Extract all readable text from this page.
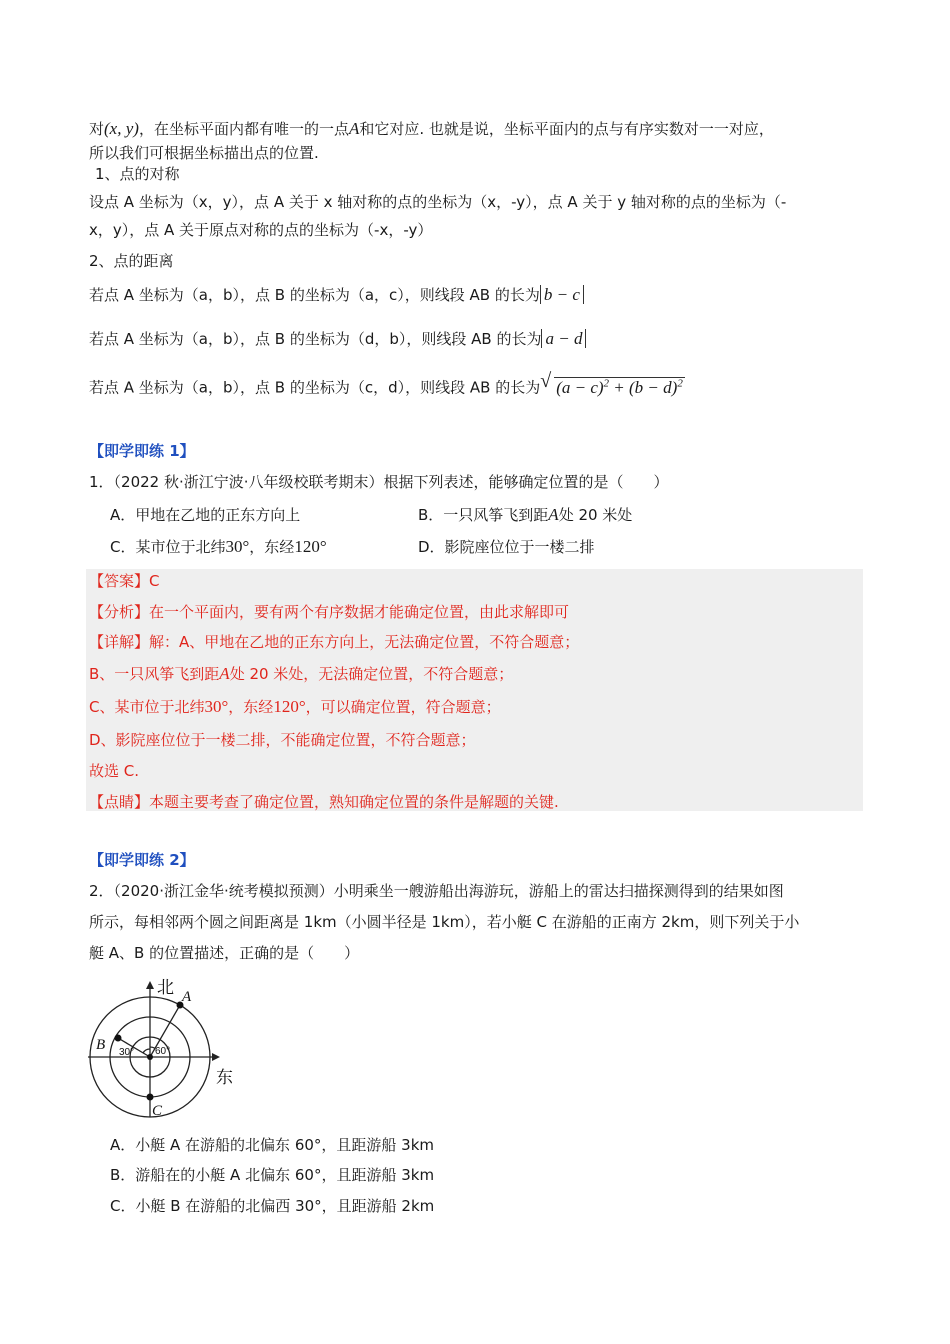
对(x, y)，在坐标平面内都有唯一的一点A和它对应. 也就是说，坐标平面内的点与有序实数对一一对应，
所以我们可根据坐标描出点的位置.
1、点的对称
设点 A 坐标为（x，y），点 A 关于 x 轴对称的点的坐标为（x，-y），点 A 关于 y 轴对称的点的坐标为（-
x，y），点 A 关于原点对称的点的坐标为（-x，-y）
2、点的距离
若点 A 坐标为（a，b），点 B 的坐标为（a，c），则线段 AB 的长为 b − c
若点 A 坐标为（a，b），点 B 的坐标为（d，b），则线段 AB 的长为 a − d
若点 A 坐标为（a，b），点 B 的坐标为（c，d），则线段 AB 的长为 √ $(a - c)^2 + (b - d)^2$
【即学即练 1】
1．（2022 秋·浙江宁波·八年级校联考期末）根据下列表述，能够确定位置的是（　　）
A．甲地在乙地的正东方向上	B．一只风筝飞到距A处 20 米处
C．某市位于北纬30°，东经120°	D．影院座位位于一楼二排
【答案】C
【分析】在一个平面内，要有两个有序数据才能确定位置，由此求解即可
【详解】解：A、甲地在乙地的正东方向上，无法确定位置，不符合题意；
B、一只风筝飞到距A处 20 米处，无法确定位置，不符合题意；
C、某市位于北纬30°，东经120°，可以确定位置，符合题意；
D、影院座位位于一楼二排，不能确定位置，不符合题意；
故选 C.
【点睛】本题主要考查了确定位置，熟知确定位置的条件是解题的关键.
【即学即练 2】
2．（2020·浙江金华·统考模拟预测）小明乘坐一艘游船出海游玩，游船上的雷达扫描探测得到的结果如图
所示，每相邻两个圆之间距离是 1km（小圆半径是 1km），若小艇 C 在游船的正南方 2km，则下列关于小
艇 A、B 的位置描述，正确的是（　　）
北
东
A
B
C
30° 60°
A．小艇 A 在游船的北偏东 60°，且距游船 3km
B．游船在的小艇 A 北偏东 60°，且距游船 3km
C．小艇 B 在游船的北偏西 30°，且距游船 2km
